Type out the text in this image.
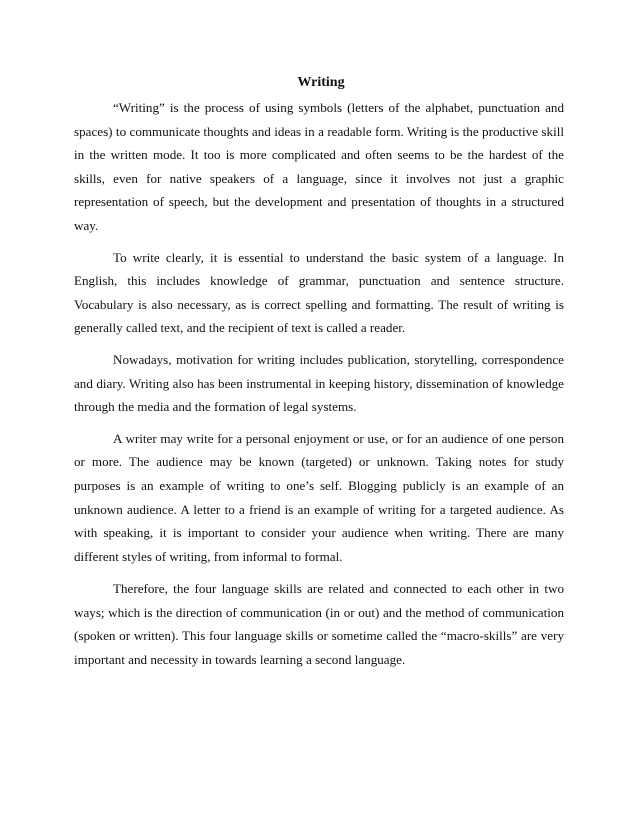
Writing

“Writing” is the process of using symbols (letters of the alphabet, punctuation and spaces) to communicate thoughts and ideas in a readable form. Writing is the productive skill in the written mode. It too is more complicated and often seems to be the hardest of the skills, even for native speakers of a language, since it involves not just a graphic representation of speech, but the development and presentation of thoughts in a structured way.

To write clearly, it is essential to understand the basic system of a language. In English, this includes knowledge of grammar, punctuation and sentence structure. Vocabulary is also necessary, as is correct spelling and formatting. The result of writing is generally called text, and the recipient of text is called a reader.

Nowadays, motivation for writing includes publication, storytelling, correspondence and diary. Writing also has been instrumental in keeping history, dissemination of knowledge through the media and the formation of legal systems.

A writer may write for a personal enjoyment or use, or for an audience of one person or more. The audience may be known (targeted) or unknown. Taking notes for study purposes is an example of writing to one’s self. Blogging publicly is an example of an unknown audience. A letter to a friend is an example of writing for a targeted audience. As with speaking, it is important to consider your audience when writing. There are many different styles of writing, from informal to formal.

Therefore, the four language skills are related and connected to each other in two ways; which is the direction of communication (in or out) and the method of communication (spoken or written). This four language skills or sometime called the “macro-skills” are very important and necessity in towards learning a second language.
